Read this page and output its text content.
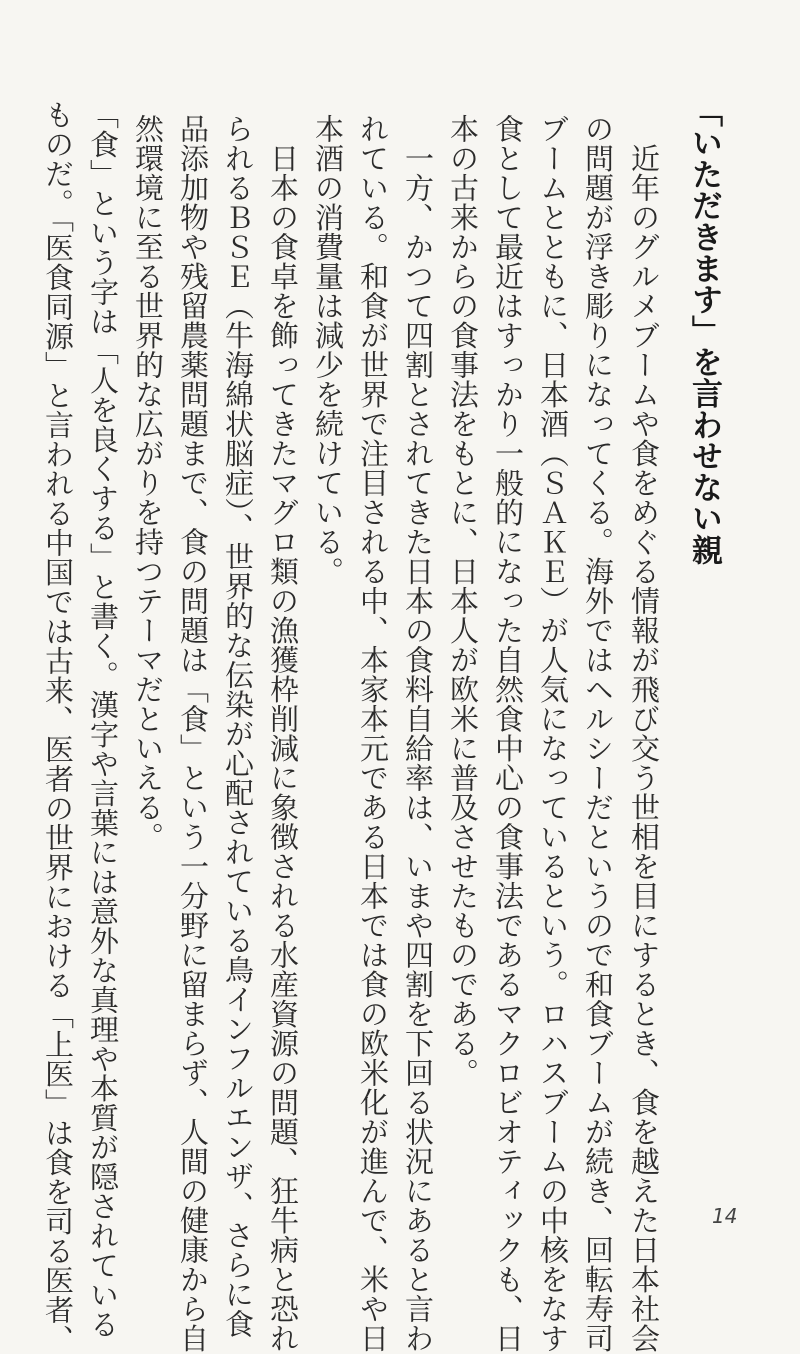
「いただきます」を言わせない親
　近年のグルメブームや食をめぐる情報が飛び交う世相を目にするとき、食を越えた日本社会
の問題が浮き彫りになってくる。海外ではヘルシーだというので和食ブームが続き、回転寿司
ブームとともに、日本酒（ＳＡＫＥ）が人気になっているという。ロハスブームの中核をなす
食として最近はすっかり一般的になった自然食中心の食事法であるマクロビオティックも、日
本の古来からの食事法をもとに、日本人が欧米に普及させたものである。
　一方、かつて四割とされてきた日本の食料自給率は、いまや四割を下回る状況にあると言わ
れている。和食が世界で注目される中、本家本元である日本では食の欧米化が進んで、米や日
本酒の消費量は減少を続けている。
　日本の食卓を飾ってきたマグロ類の漁獲枠削減に象徴される水産資源の問題、狂牛病と恐れ
られるＢＳＥ（牛海綿状脳症）、世界的な伝染が心配されている鳥インフルエンザ、さらに食
品添加物や残留農薬問題まで、食の問題は「食」という一分野に留まらず、人間の健康から自
然環境に至る世界的な広がりを持つテーマだといえる。
「食」という字は「人を良くする」と書く。漢字や言葉には意外な真理や本質が隠されている
ものだ。「医食同源」と言われる中国では古来、医者の世界における「上医」は食を司る医者、	14
